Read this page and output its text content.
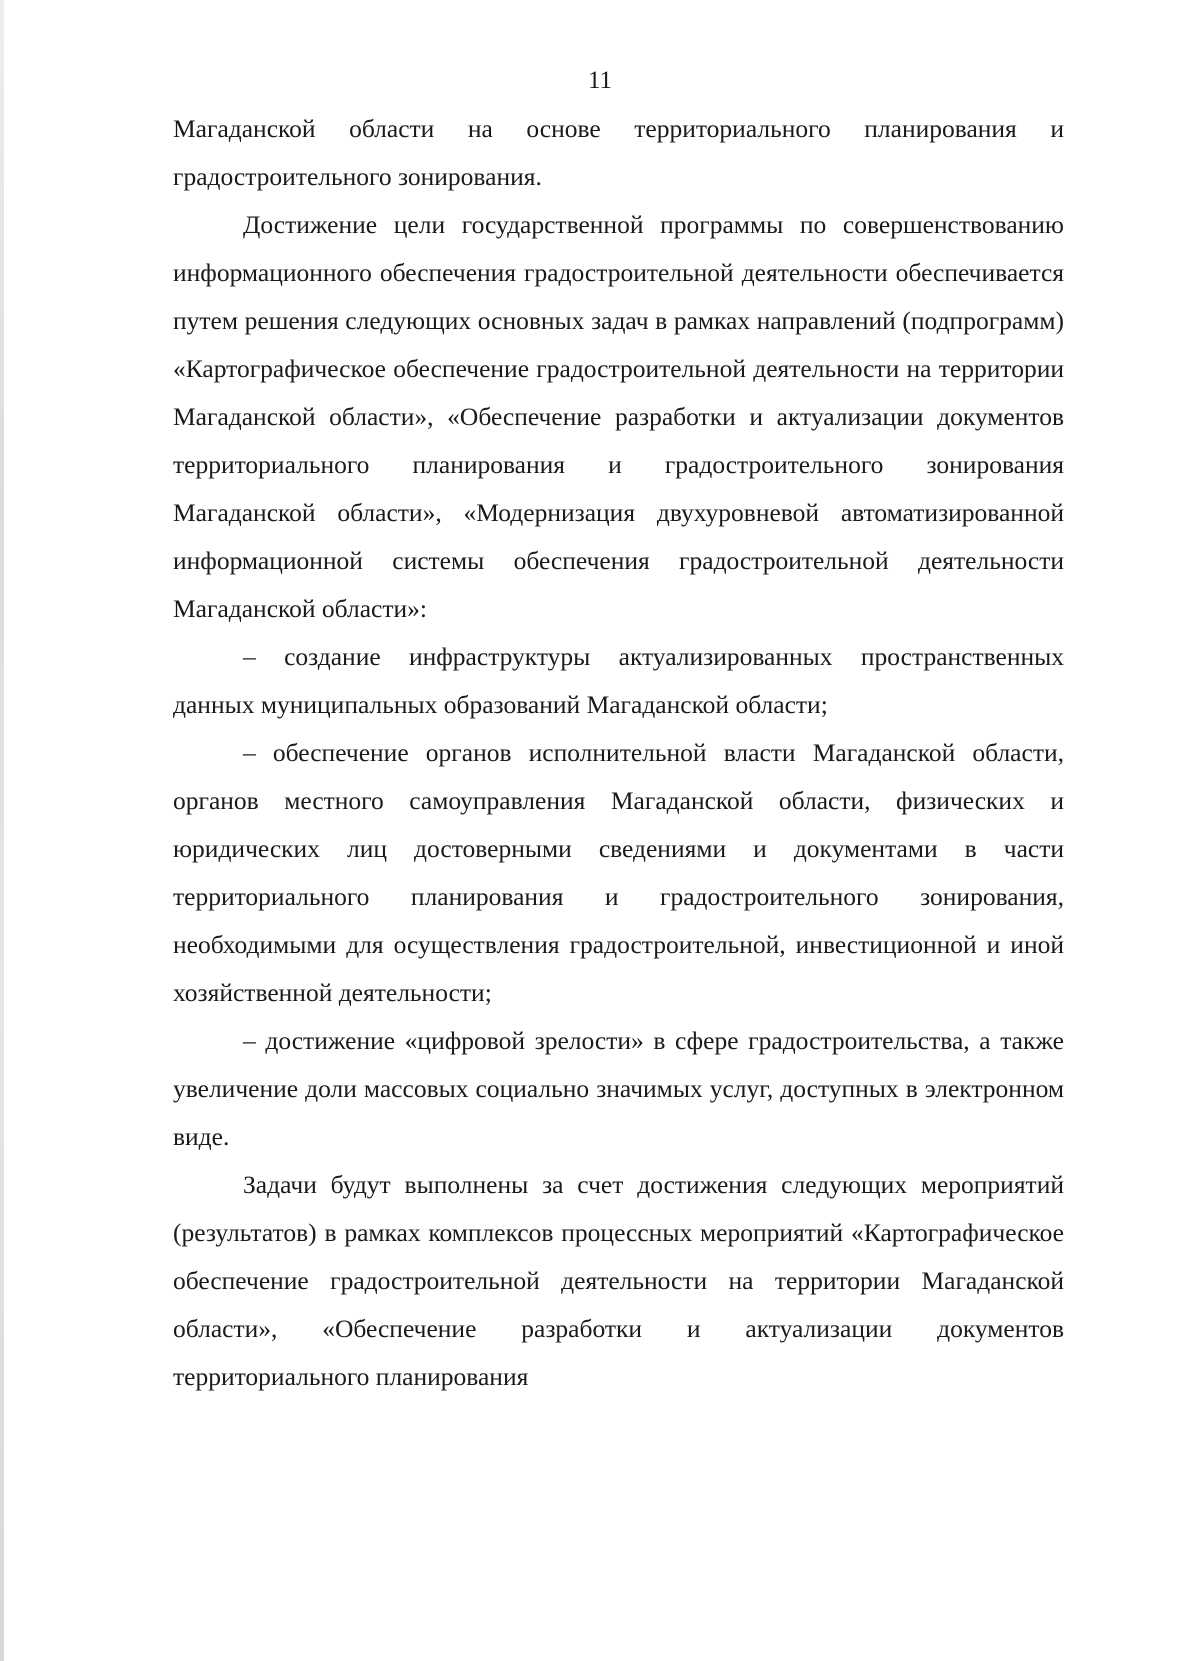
11

Магаданской области на основе территориального планирования и градостроительного зонирования.

Достижение цели государственной программы по совершенствованию информационного обеспечения градостроительной деятельности обеспечивается путем решения следующих основных задач в рамках направлений (подпрограмм) «Картографическое обеспечение градостроительной деятельности на территории Магаданской области», «Обеспечение разработки и актуализации документов территориального планирования и градостроительного зонирования Магаданской области», «Модернизация двухуровневой автоматизированной информационной системы обеспечения градостроительной деятельности Магаданской области»:

– создание инфраструктуры актуализированных пространственных данных муниципальных образований Магаданской области;

– обеспечение органов исполнительной власти Магаданской области, органов местного самоуправления Магаданской области, физических и юридических лиц достоверными сведениями и документами в части территориального планирования и градостроительного зонирования, необходимыми для осуществления градостроительной, инвестиционной и иной хозяйственной деятельности;

– достижение «цифровой зрелости» в сфере градостроительства, а также увеличение доли массовых социально значимых услуг, доступных в электронном виде.

Задачи будут выполнены за счет достижения следующих мероприятий (результатов) в рамках комплексов процессных мероприятий «Картографическое обеспечение градостроительной деятельности на территории Магаданской области», «Обеспечение разработки и актуализации документов территориального планирования
